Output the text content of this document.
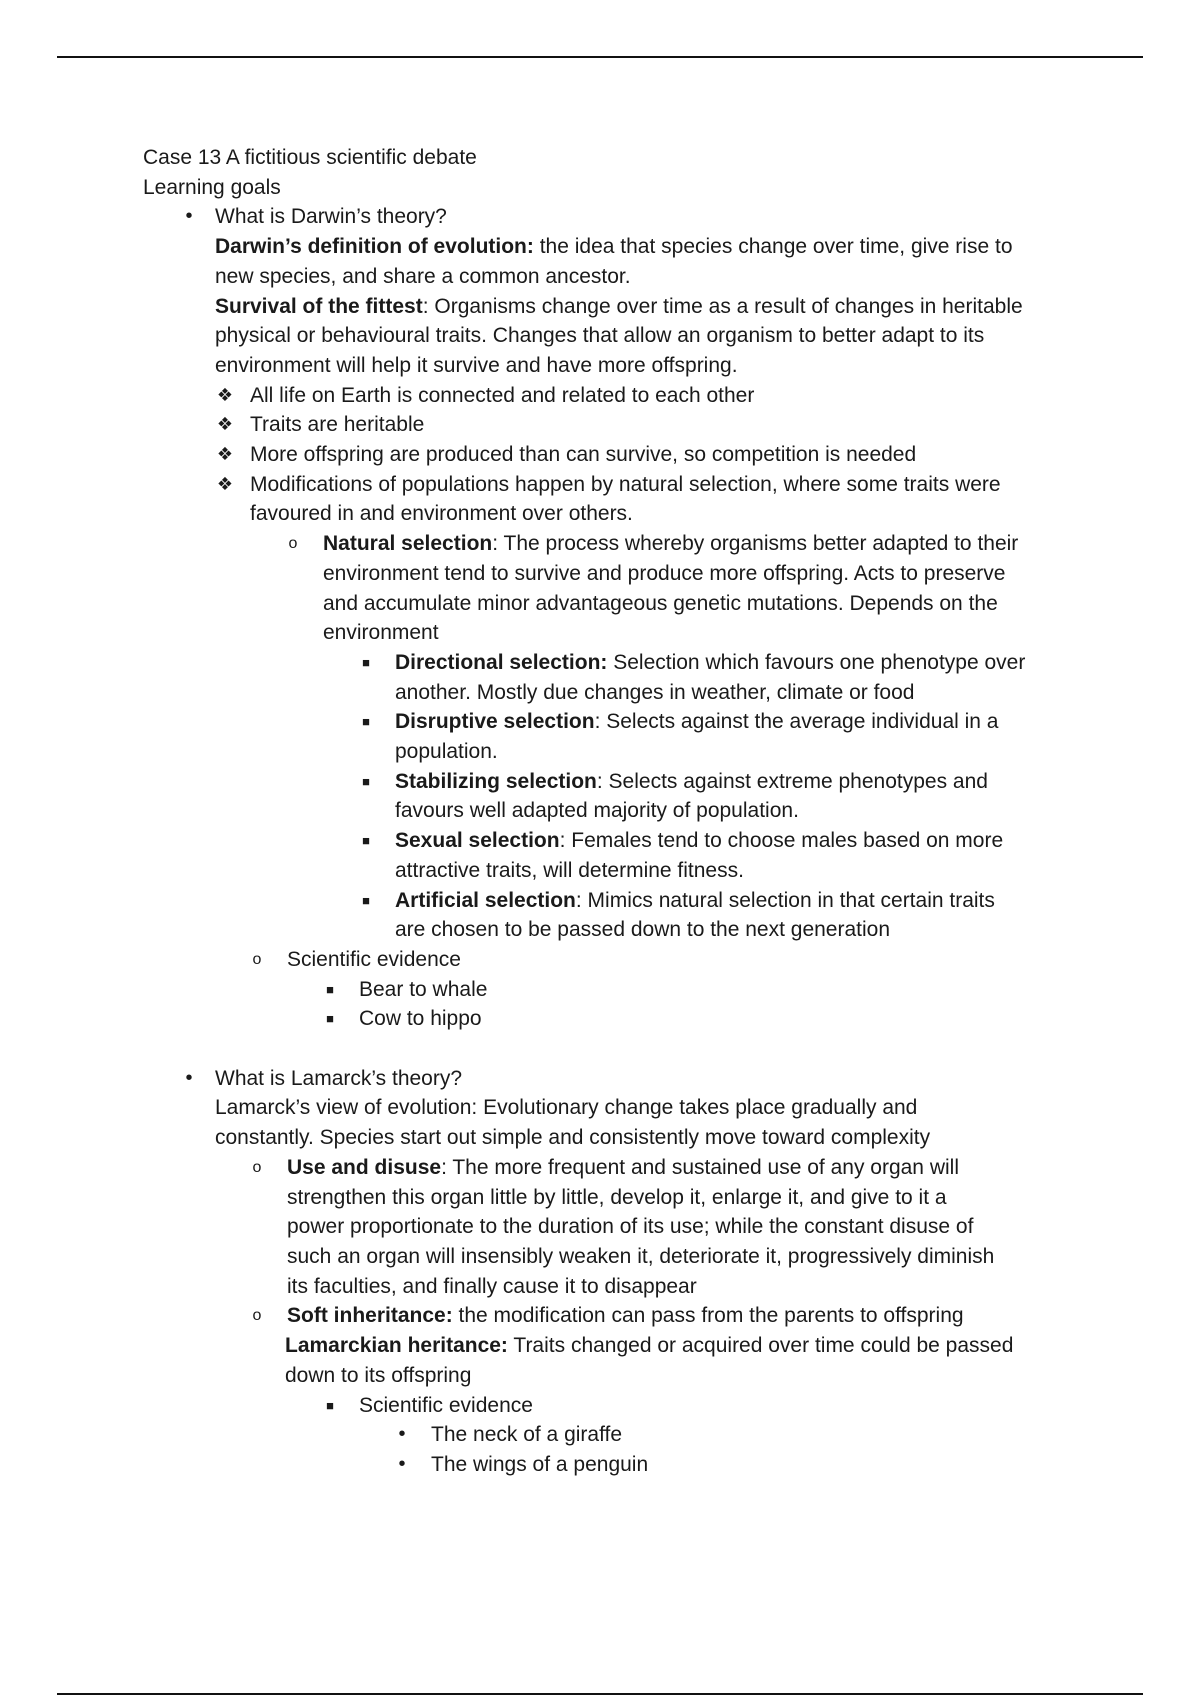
Case 13 A fictitious scientific debate
Learning goals
•	What is Darwin’s theory?
Darwin’s definition of evolution: the idea that species change over time, give rise to
new species, and share a common ancestor.
Survival of the fittest: Organisms change over time as a result of changes in heritable
physical or behavioural traits. Changes that allow an organism to better adapt to its
environment will help it survive and have more offspring.
❖ All life on Earth is connected and related to each other
❖ Traits are heritable
❖ More offspring are produced than can survive, so competition is needed
❖ Modifications of populations happen by natural selection, where some traits were
favoured in and environment over others.
o	Natural selection: The process whereby organisms better adapted to their
environment tend to survive and produce more offspring. Acts to preserve
and accumulate minor advantageous genetic mutations. Depends on the
environment
■	Directional selection: Selection which favours one phenotype over
another. Mostly due changes in weather, climate or food
■	Disruptive selection: Selects against the average individual in a
population.
■	Stabilizing selection: Selects against extreme phenotypes and
favours well adapted majority of population.
■	Sexual selection: Females tend to choose males based on more
attractive traits, will determine fitness.
■	Artificial selection: Mimics natural selection in that certain traits
are chosen to be passed down to the next generation
o	Scientific evidence
■	Bear to whale
■	Cow to hippo
•	What is Lamarck’s theory?
Lamarck’s view of evolution: Evolutionary change takes place gradually and
constantly. Species start out simple and consistently move toward complexity
o	Use and disuse: The more frequent and sustained use of any organ will
strengthen this organ little by little, develop it, enlarge it, and give to it a
power proportionate to the duration of its use; while the constant disuse of
such an organ will insensibly weaken it, deteriorate it, progressively diminish
its faculties, and finally cause it to disappear
o	Soft inheritance: the modification can pass from the parents to offspring
Lamarckian heritance: Traits changed or acquired over time could be passed
down to its offspring
■	Scientific evidence
•	The neck of a giraffe
•	The wings of a penguin
